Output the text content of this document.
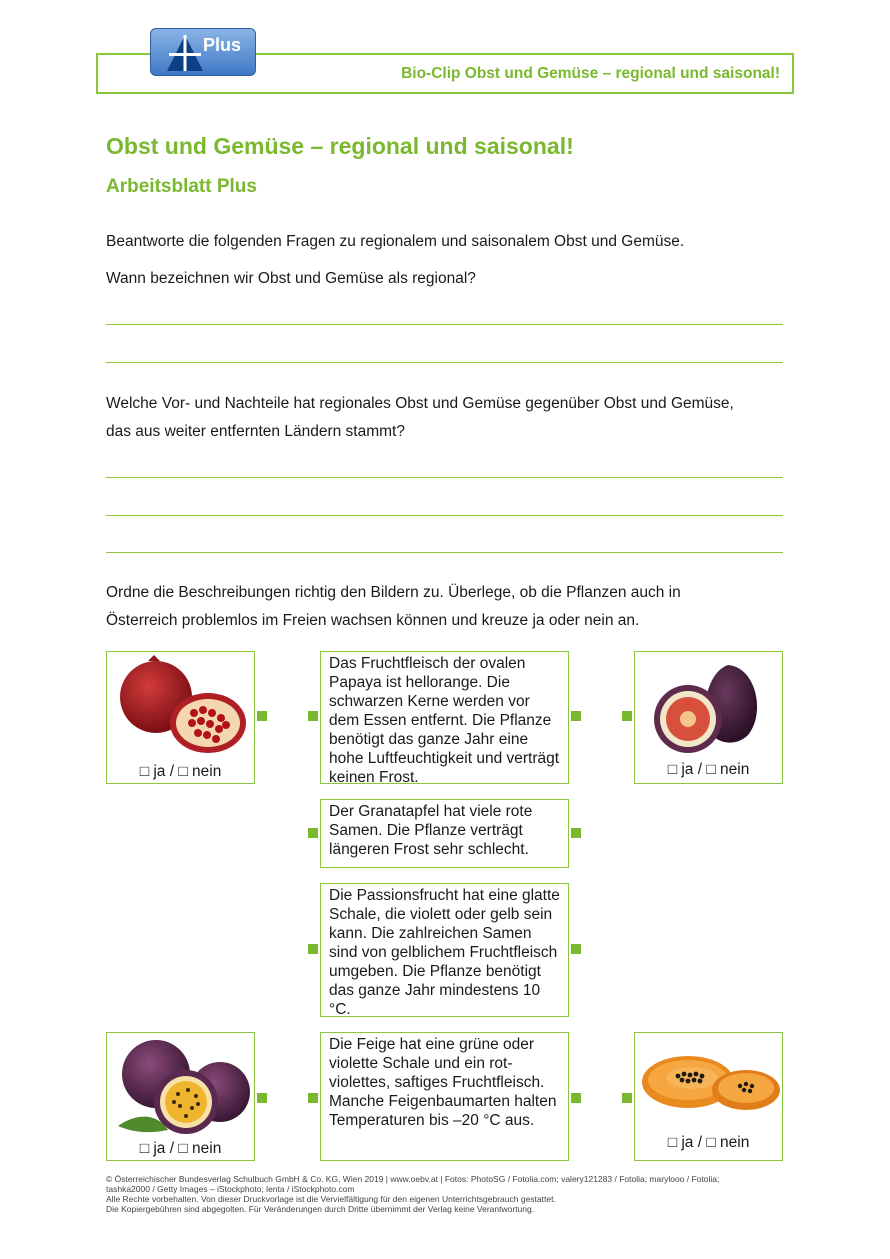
Bio-Clip Obst und Gemüse – regional und saisonal!
Plus
Obst und Gemüse – regional und saisonal!
Arbeitsblatt Plus
Beantworte die folgenden Fragen zu regionalem und saisonalem Obst und Gemüse.
Wann bezeichnen wir Obst und Gemüse als regional?
Welche Vor- und Nachteile hat regionales Obst und Gemüse gegenüber Obst und Gemüse,
das aus weiter entfernten Ländern stammt?
Ordne die Beschreibungen richtig den Bildern zu. Überlege, ob die Pflanzen auch in
Österreich problemlos im Freien wachsen können und kreuze ja oder nein an.
□ ja / □ nein	□ ja / □ nein
Das Fruchtfleisch der ovalen Papaya ist hellorange. Die schwarzen Kerne werden vor dem Essen entfernt. Die Pflanze benötigt das ganze Jahr eine hohe Luftfeuchtigkeit und verträgt keinen Frost.
Der Granatapfel hat viele rote Samen. Die Pflanze verträgt längeren Frost sehr schlecht.
Die Passionsfrucht hat eine glatte Schale, die violett oder gelb sein kann. Die zahlreichen Samen sind von gelblichem Fruchtfleisch umgeben. Die Pflanze benötigt das ganze Jahr mindestens 10 °C.
Die Feige hat eine grüne oder violette Schale und ein rot-violettes, saftiges Fruchtfleisch. Manche Feigenbaumarten halten Temperaturen bis –20 °C aus.
□ ja / □ nein	□ ja / □ nein
© Österreichischer Bundesverlag Schulbuch GmbH & Co. KG, Wien 2019 | www.oebv.at | Fotos: PhotoSG / Fotolia.com; valery121283 / Fotolia; marylooo / Fotolia;
tashka2000 / Getty Images – iStockphoto; lenta / iStockphoto.com
Alle Rechte vorbehalten. Von dieser Druckvorlage ist die Vervielfältigung für den eigenen Unterrichtsgebrauch gestattet.
Die Kopiergebühren sind abgegolten. Für Veränderungen durch Dritte übernimmt der Verlag keine Verantwortung.
